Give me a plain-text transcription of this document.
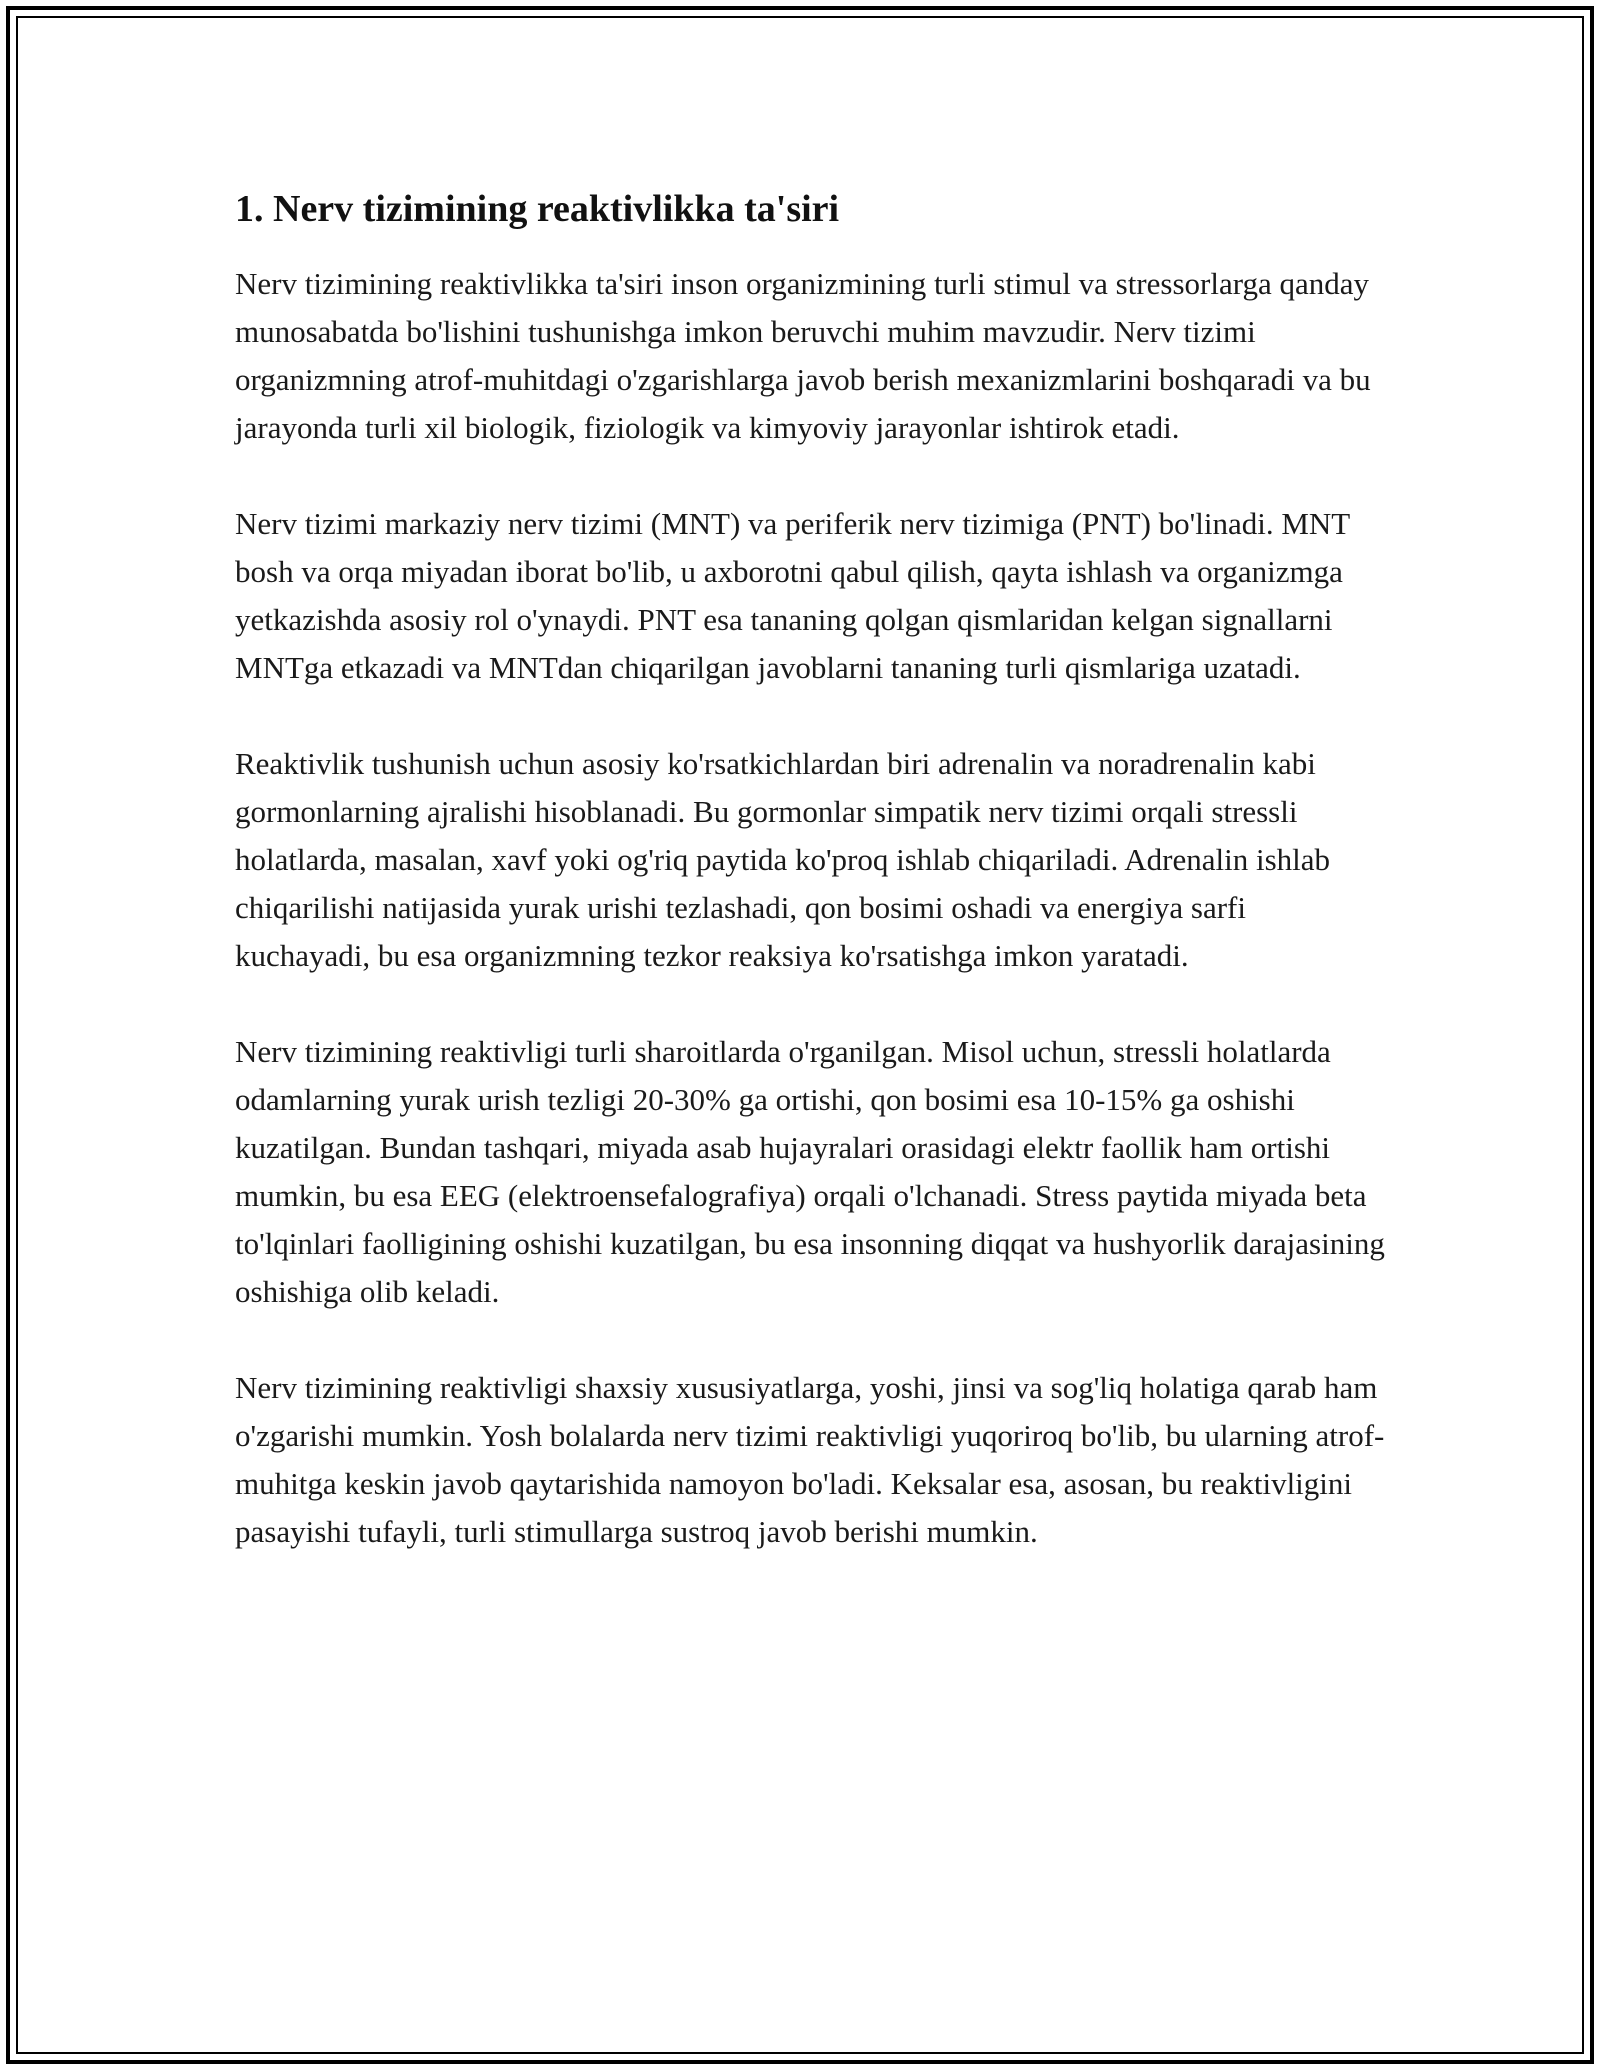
1. Nerv tizimining reaktivlikka ta'siri

Nerv tizimining reaktivlikka ta'siri inson organizmining turli stimul va stressorlarga qanday munosabatda bo'lishini tushunishga imkon beruvchi muhim mavzudir. Nerv tizimi organizmning atrof-muhitdagi o'zgarishlarga javob berish mexanizmlarini boshqaradi va bu jarayonda turli xil biologik, fiziologik va kimyoviy jarayonlar ishtirok etadi.

Nerv tizimi markaziy nerv tizimi (MNT) va periferik nerv tizimiga (PNT) bo'linadi. MNT bosh va orqa miyadan iborat bo'lib, u axborotni qabul qilish, qayta ishlash va organizmga yetkazishda asosiy rol o'ynaydi. PNT esa tananing qolgan qismlaridan kelgan signallarni MNTga etkazadi va MNTdan chiqarilgan javoblarni tananing turli qismlariga uzatadi.

Reaktivlik tushunish uchun asosiy ko'rsatkichlardan biri adrenalin va noradrenalin kabi gormonlarning ajralishi hisoblanadi. Bu gormonlar simpatik nerv tizimi orqali stressli holatlarda, masalan, xavf yoki og'riq paytida ko'proq ishlab chiqariladi. Adrenalin ishlab chiqarilishi natijasida yurak urishi tezlashadi, qon bosimi oshadi va energiya sarfi kuchayadi, bu esa organizmning tezkor reaksiya ko'rsatishga imkon yaratadi.

Nerv tizimining reaktivligi turli sharoitlarda o'rganilgan. Misol uchun, stressli holatlarda odamlarning yurak urish tezligi 20-30% ga ortishi, qon bosimi esa 10-15% ga oshishi kuzatilgan. Bundan tashqari, miyada asab hujayralari orasidagi elektr faollik ham ortishi mumkin, bu esa EEG (elektroensefalografiya) orqali o'lchanadi. Stress paytida miyada beta to'lqinlari faolligining oshishi kuzatilgan, bu esa insonning diqqat va hushyorlik darajasining oshishiga olib keladi.

Nerv tizimining reaktivligi shaxsiy xususiyatlarga, yoshi, jinsi va sog'liq holatiga qarab ham o'zgarishi mumkin. Yosh bolalarda nerv tizimi reaktivligi yuqoriroq bo'lib, bu ularning atrof-muhitga keskin javob qaytarishida namoyon bo'ladi. Keksalar esa, asosan, bu reaktivligini pasayishi tufayli, turli stimullarga sustroq javob berishi mumkin.
